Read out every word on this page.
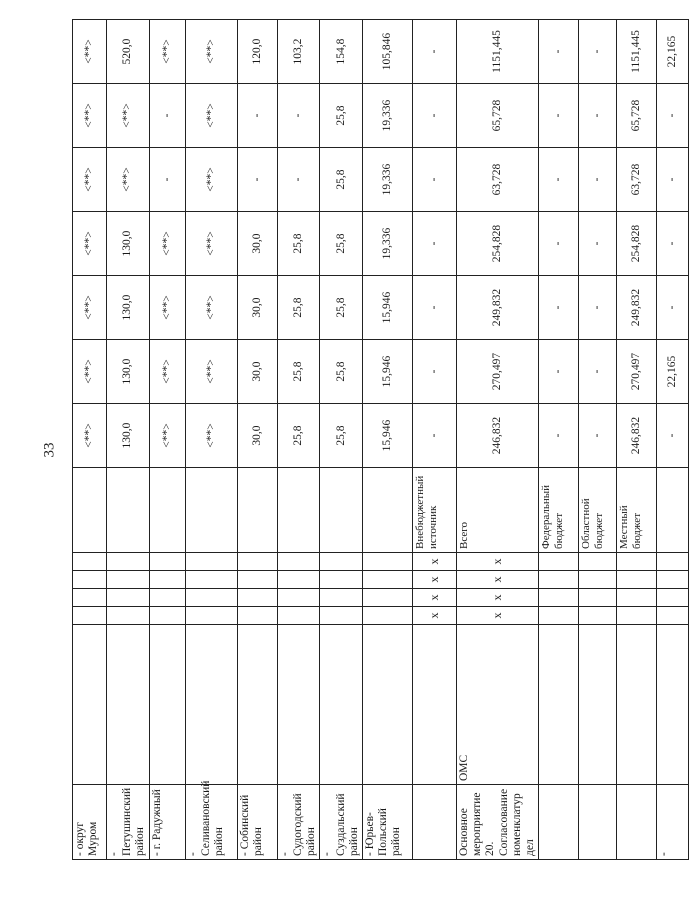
33
- округ Муром							<**>	<**>	<**>	<**>	<**>	<**>	<**>
- Петушинский район							130,0	130,0	130,0	130,0	<**>	<**>	520,0
- г. Радужный							<**>	<**>	<**>	<**>	-	-	<**>
- Селивановский район							<**>	<**>	<**>	<**>	<**>	<**>	<**>
- Собинский район							30,0	30,0	30,0	30,0	-	-	120,0
- Судогодский район							25,8	25,8	25,8	25,8	-	-	103,2
- Суздальский район							25,8	25,8	25,8	25,8	25,8	25,8	154,8
- Юрьев-Польский район							15,946	15,946	15,946	19,336	19,336	19,336	105,846
		x	x	x	x	Внебюджетный источник	-	-	-	-	-	-	-
Основное мероприятие 20. Согласование номенклатур дел	ОМС	x	x	x	x	Всего	246,832	270,497	249,832	254,828	63,728	65,728	1151,445
						Федеральный бюджет	-	-	-	-	-	-	-
						Областной бюджет	-	-	-	-	-	-	-
						Местный бюджет	246,832	270,497	249,832	254,828	63,728	65,728	1151,445
-							-	22,165	-	-	-	-	22,165
